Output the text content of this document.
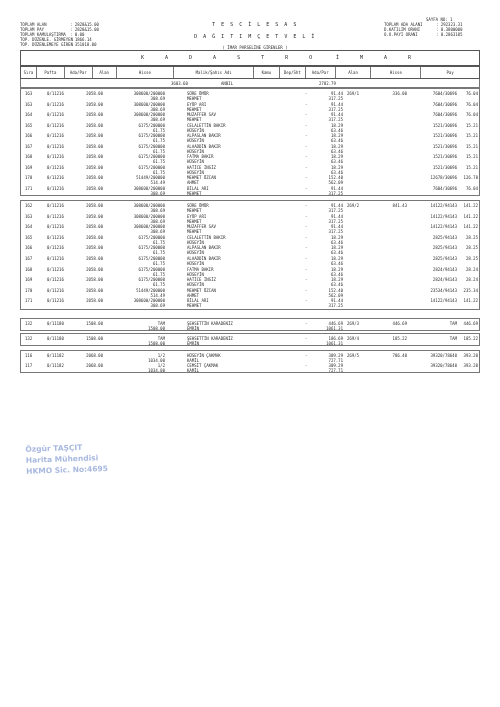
SAYFA NO: 1
TOPLAM ALAN	: 2828&15.00
TOPLAM PAY	: 2828&15.00
TOPLAM KAMULAŞTIRMA	: 0.00
TOP. DÜZENLE. GİRMEYEN
: 1866.14
TOP. DÜZENLEMEYE GİREN
: 351018.00
T E S C İ L E S A S
D A Ğ I T I M Ç E T V E L İ
( İMAR PARSELİNE GİRENLER )
TOPLAM ADA ALANI	: 292323.31
D.KATILIM ORANI	: 0.3800000
O.O.PAYI ORANI	: 0.2863185
K A D A S T R O	İ M A R
Sıra	Pafta	Ada/Par	Alan	Hisse	Malik/Şahıs Adı	Kamu	Dep/Sht	Ada/Par	Alan	Hisse	Pay
3603.60	ANBIL	2782.79
163	0/11216	2058.00	308600/200000	SÜRE ÖMÜR	-	91.44 269/1	336.00	7604/30696 76.04
308.69	MEHMET	317.25
163	0/11216	2058.00	308600/200000	EYÜP ARI	-	91.44	7604/30696 76.04
308.69	MEHMET	317.25
164	0/11216	2058.00	308600/200000	MUZAFFER SAV	-	91.44	7604/30696 76.04
308.69	MEHMET	317.25
165	0/11216	2058.00	6175/200000	CELALETTİN BAKIR	-	18.29	1521/30696 15.21
61.75	HÜSEYİN	63.46
166	0/11216	2058.00	6175/200000	ALPASLAN BAKIR	-	18.29	1521/30696 15.21
61.75	HÜSEYİN	63.46
167	0/11216	2058.00	6175/200000	ALAADDİN BAKIR	-	18.29	1521/30696 15.21
61.75	HÜSEYİN	63.46
168	0/11216	2058.00	6175/200000	FATMA BAKIR	-	18.29	1521/30696 15.21
61.75	HÜSEYİN	63.46
169	0/11216	2058.00	6175/200000	HATİCE İNSİZ	-	18.29	1521/30696 15.21
61.75	HÜSEYİN	63.46
170	0/11216	2058.00	51449/200000	MEHMET ÖZCAN	-	152.40	12678/30696 126.78
514.49	AHMET	562.09
171	0/11216	2058.00	308600/200000	BİLAL ARI	-	91.44	7604/30696 76.04
308.69	MEHMET	317.25
162	0/11216	2058.00	308600/200000	SÜRE ÖMÜR	-	91.44 269/2	841.43	14122/94143 141.22
308.69	MEHMET	317.25
163	0/11216	2058.00	308600/200000	EYÜP ARI	-	91.44	14122/94143 141.22
308.69	MEHMET	317.25
164	0/11216	2058.00	308600/200000	MUZAFFER SAV	-	91.44	14122/94143 141.22
308.69	MEHMET	317.25
165	0/11216	2058.00	6175/200000	CELALETTİN BAKIR	-	18.29	2825/94143 28.25
61.75	HÜSEYİN	63.46
166	0/11216	2058.00	6175/200000	ALPASLAN BAKIR	-	18.29	2825/94143 28.25
61.75	HÜSEYİN	63.46
167	0/11216	2058.00	6175/200000	ALAADDİN BAKIR	-	18.29	2825/94143 28.25
61.75	HÜSEYİN	63.46
168	0/11216	2058.00	6175/200000	FATMA BAKIR	-	18.29	2824/94143 28.24
61.75	HÜSEYİN	63.46
169	0/11216	2058.00	6175/200000	HATİCE İNSİZ	-	18.29	2824/94143 28.24
61.75	HÜSEYİN	63.46
170	0/11216	2058.00	51449/200000	MEHMET ÖZCAN	-	152.40	23534/94143 235.34
514.49	AHMET	562.09
171	0/11216	2058.00	308600/200000	BİLAL ARI	-	91.44	14122/94143 141.22
308.69	MEHMET	317.25
132	0/11180	1508.00	TAM	ŞEHSETTİN KARADENİZ	-	446.69 269/3	446.69	TAM 446.69
1508.00	EMRİN	1061.31
132	0/11180	1508.00	TAM	ŞEHSETTİN KARADENİZ	-	186.69 269/4	185.22	TAM 185.22
1508.00	EMRİN	1061.31
116	0/11182	2068.00	1/2	HÜSEYİN ÇAKMAK	-	309.29 269/5	786.40	39320/78640 393.20
1034.00	KAMİL	727.71
117	0/11182	2068.00	1/2	CEMSİT ÇAKMAK	-	309.29	39320/78640 393.20
1034.00	KAMİL	727.71
Özgür TAŞÇIT
Harita Mühendisi
HKMO Sic. No:4695
